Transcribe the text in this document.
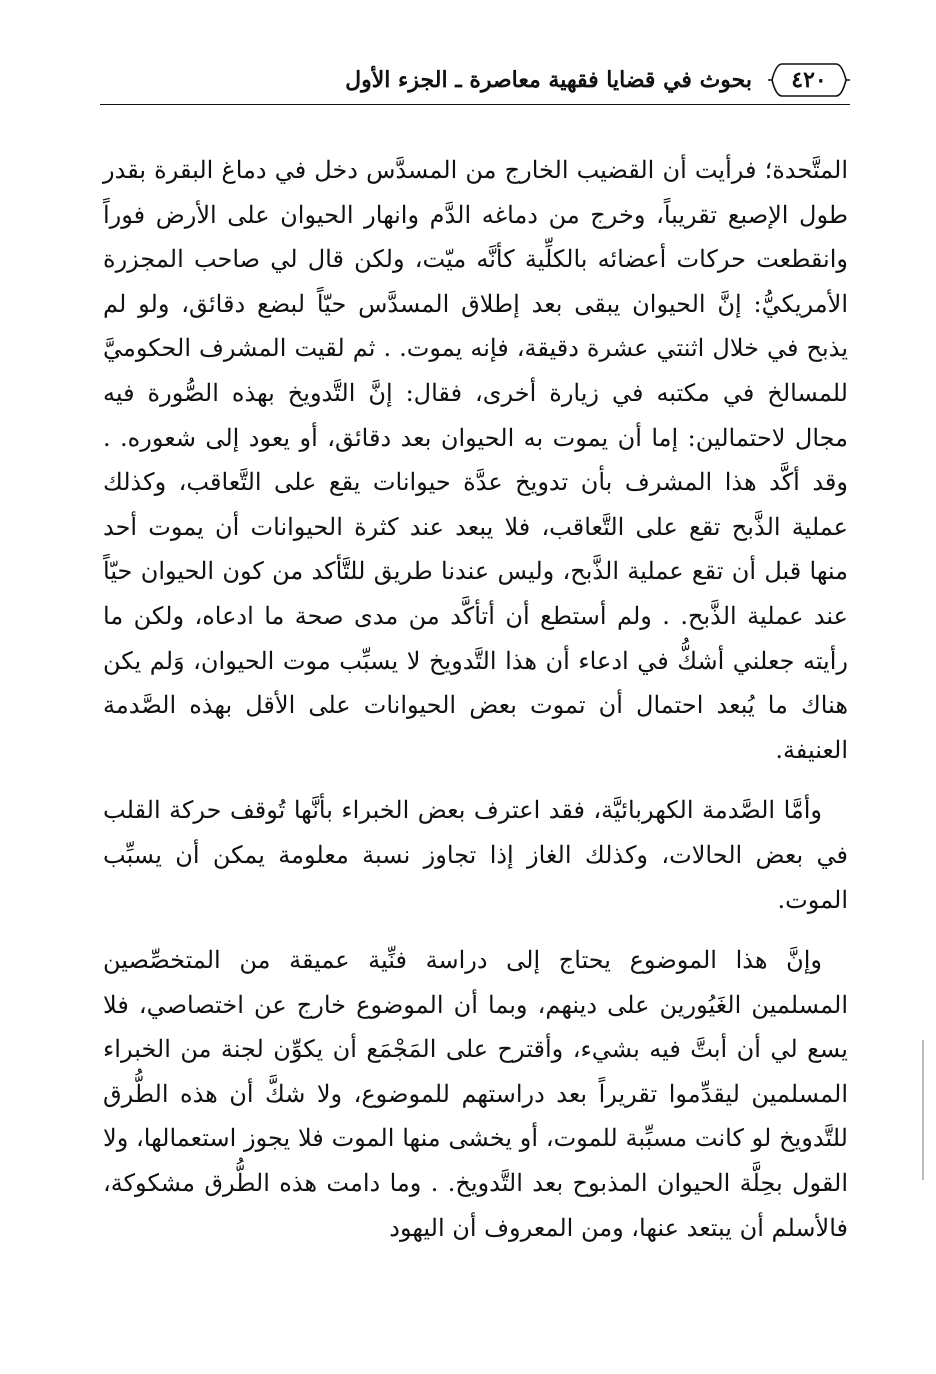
٤٢٠
بحوث في قضايا فقهية معاصرة ـ الجزء الأول

المتَّحدة؛ فرأيت أن القضيب الخارج من المسدَّس دخل في دماغ البقرة بقدر طول الإصبع تقريباً، وخرج من دماغه الدَّم وانهار الحيوان على الأرض فوراً وانقطعت حركات أعضائه بالكلِّية كأنَّه ميّت، ولكن قال لي صاحب المجزرة الأمريكيُّ: إنَّ الحيوان يبقى بعد إطلاق المسدَّس حيّاً لبضع دقائق، ولو لم يذبح في خلال اثنتي عشرة دقيقة، فإنه يموت. . ثم لقيت المشرف الحكوميَّ للمسالخ في مكتبه في زيارة أخرى، فقال: إنَّ التَّدويخ بهذه الصُّورة فيه مجال لاحتمالين: إما أن يموت به الحيوان بعد دقائق، أو يعود إلى شعوره. . وقد أكَّد هذا المشرف بأن تدويخ عدَّة حيوانات يقع على التَّعاقب، وكذلك عملية الذَّبح تقع على التَّعاقب، فلا يبعد عند كثرة الحيوانات أن يموت أحد منها قبل أن تقع عملية الذَّبح، وليس عندنا طريق للتَّأكد من كون الحيوان حيّاً عند عملية الذَّبح. . ولم أستطع أن أتأكَّد من مدى صحة ما ادعاه، ولكن ما رأيته جعلني أشكُّ في ادعاء أن هذا التَّدويخ لا يسبِّب موت الحيوان، وَلم يكن هناك ما يُبعد احتمال أن تموت بعض الحيوانات على الأقل بهذه الصَّدمة العنيفة.

وأمَّا الصَّدمة الكهربائيَّة، فقد اعترف بعض الخبراء بأنَّها تُوقف حركة القلب في بعض الحالات، وكذلك الغاز إذا تجاوز نسبة معلومة يمكن أن يسبِّب الموت.

وإنَّ هذا الموضوع يحتاج إلى دراسة فنِّية عميقة من المتخصِّصين المسلمين الغَيُورين على دينهم، وبما أن الموضوع خارج عن اختصاصي، فلا يسع لي أن أبتَّ فيه بشيء، وأقترح على المَجْمَع أن يكوِّن لجنة من الخبراء المسلمين ليقدِّموا تقريراً بعد دراستهم للموضوع، ولا شكَّ أن هذه الطُّرق للتَّدويخ لو كانت مسبِّبة للموت، أو يخشى منها الموت فلا يجوز استعمالها، ولا القول بحِلَّة الحيوان المذبوح بعد التَّدويخ. . وما دامت هذه الطُّرق مشكوكة، فالأسلم أن يبتعد عنها، ومن المعروف أن اليهود
